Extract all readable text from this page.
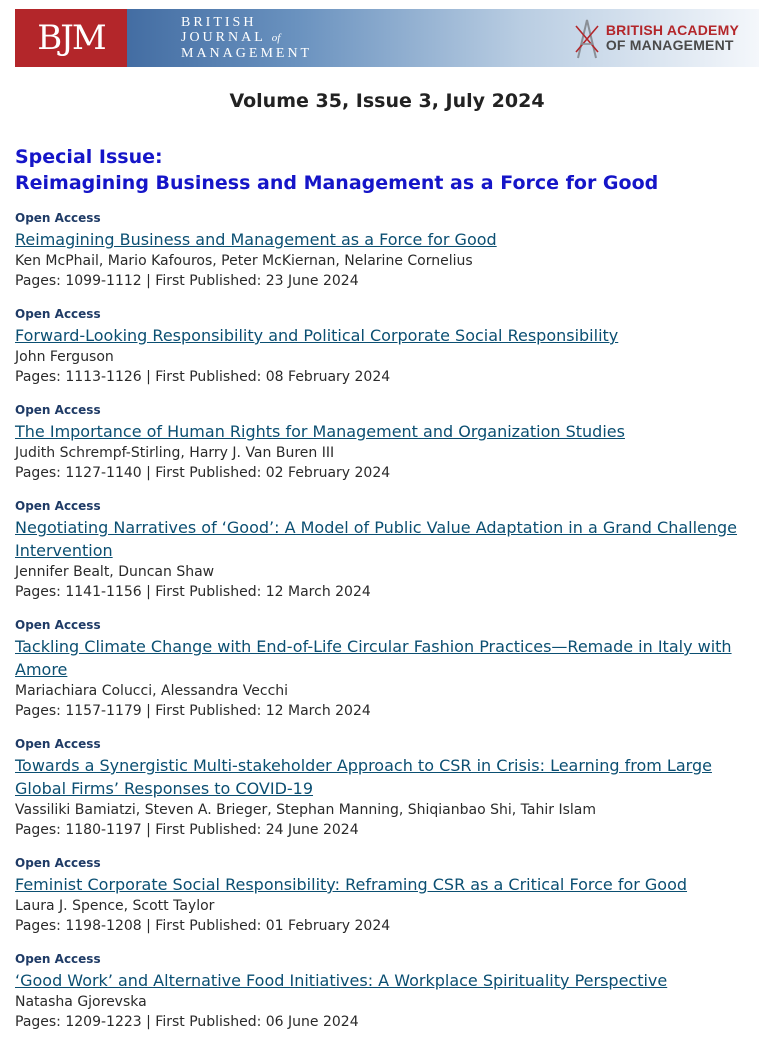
BJM	BRITISH
JOURNAL of
MANAGEMENT
BRITISH ACADEMY
OF MANAGEMENT
Volume 35, Issue 3, July 2024
Special Issue:
Reimagining Business and Management as a Force for Good
Open Access
Reimagining Business and Management as a Force for Good
Ken McPhail, Mario Kafouros, Peter McKiernan, Nelarine Cornelius
Pages: 1099-1112 | First Published: 23 June 2024
Open Access
Forward-Looking Responsibility and Political Corporate Social Responsibility
John Ferguson
Pages: 1113-1126 | First Published: 08 February 2024
Open Access
The Importance of Human Rights for Management and Organization Studies
Judith Schrempf-Stirling, Harry J. Van Buren III
Pages: 1127-1140 | First Published: 02 February 2024
Open Access
Negotiating Narratives of ‘Good’: A Model of Public Value Adaptation in a Grand Challenge Intervention
Jennifer Bealt, Duncan Shaw
Pages: 1141-1156 | First Published: 12 March 2024
Open Access
Tackling Climate Change with End-of-Life Circular Fashion Practices—Remade in Italy with Amore
Mariachiara Colucci, Alessandra Vecchi
Pages: 1157-1179 | First Published: 12 March 2024
Open Access
Towards a Synergistic Multi-stakeholder Approach to CSR in Crisis: Learning from Large Global Firms’ Responses to COVID-19
Vassiliki Bamiatzi, Steven A. Brieger, Stephan Manning, Shiqianbao Shi, Tahir Islam
Pages: 1180-1197 | First Published: 24 June 2024
Open Access
Feminist Corporate Social Responsibility: Reframing CSR as a Critical Force for Good
Laura J. Spence, Scott Taylor
Pages: 1198-1208 | First Published: 01 February 2024
Open Access
‘Good Work’ and Alternative Food Initiatives: A Workplace Spirituality Perspective
Natasha Gjorevska
Pages: 1209-1223 | First Published: 06 June 2024
